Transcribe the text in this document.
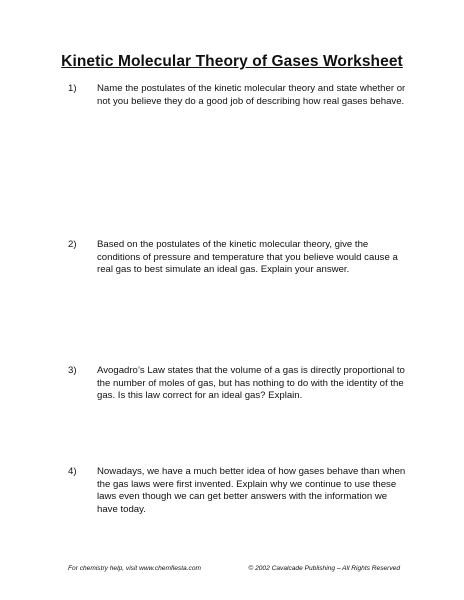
Kinetic Molecular Theory of Gases Worksheet
1) Name the postulates of the kinetic molecular theory and state whether or not you believe they do a good job of describing how real gases behave.
2) Based on the postulates of the kinetic molecular theory, give the conditions of pressure and temperature that you believe would cause a real gas to best simulate an ideal gas. Explain your answer.
3) Avogadro’s Law states that the volume of a gas is directly proportional to the number of moles of gas, but has nothing to do with the identity of the gas. Is this law correct for an ideal gas? Explain.
4) Nowadays, we have a much better idea of how gases behave than when the gas laws were first invented. Explain why we continue to use these laws even though we can get better answers with the information we have today.
For chemistry help, visit www.chemfiesta.com	© 2002 Cavalcade Publishing – All Rights Reserved
